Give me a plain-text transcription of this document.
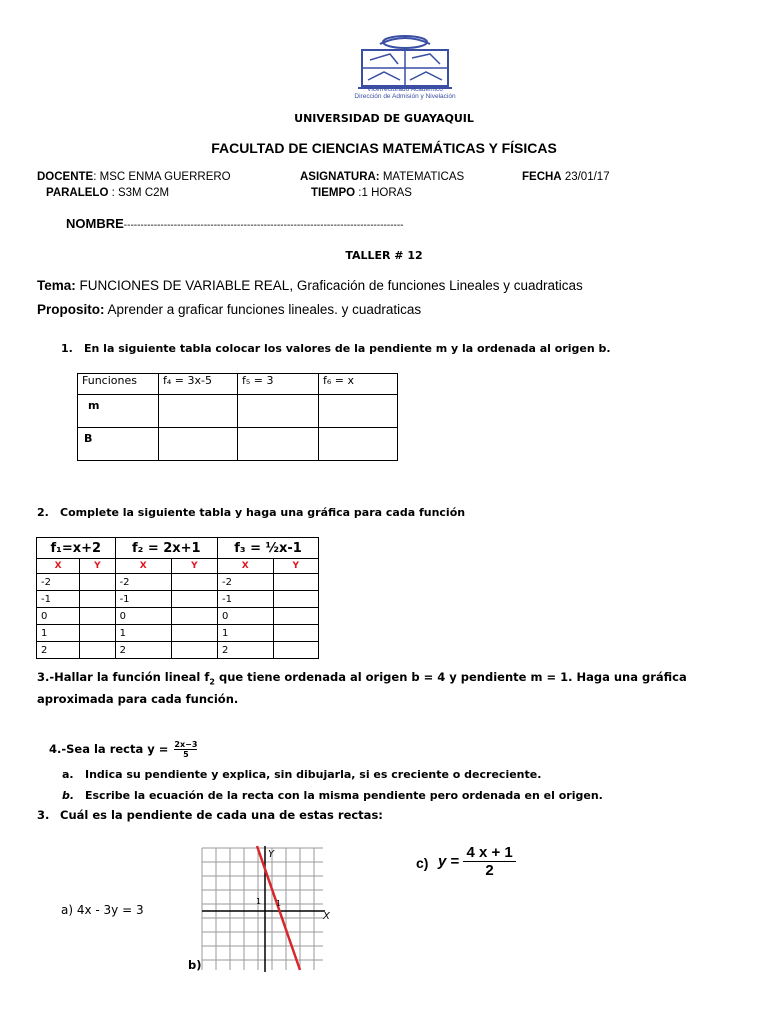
Vicerrectorado Académico
Dirección de Admisión y Nivelación
UNIVERSIDAD DE GUAYAQUIL
FACULTAD DE CIENCIAS MATEMÁTICAS Y FÍSICAS
DOCENTE: MSC ENMA GUERRERO	ASIGNATURA: MATEMATICAS	FECHA 23/01/17
PARALELO : S3M C2M	TIEMPO :1 HORAS
NOMBRE------------------------------------------------------------------------------------
TALLER # 12
Tema: FUNCIONES DE VARIABLE REAL, Graficación de funciones Lineales y cuadraticas
Proposito: Aprender a graficar funciones lineales. y cuadraticas
1. En la siguiente tabla colocar los valores de la pendiente m y la ordenada al origen b.
Funciones	f₄ = 3x-5	f₅ = 3	f₆ = x
m			
B			
2. Complete la siguiente tabla y haga una gráfica para cada función
f₁=x+2		f₂ = 2x+1		f₃ = ½x-1	
X	Y	X	Y	X	Y
-2		-2		-2	
-1		-1		-1	
0		0		0	
1		1		1	
2		2		2	
3.-Hallar la función lineal $f_2$ que tiene ordenada al origen b = 4 y pendiente m = 1. Haga una gráfica
aproximada para cada función.
4.-Sea la recta $y = \frac{2x-3}{5}$
a. Indica su pendiente y explica, sin dibujarla, si es creciente o decreciente.
b. Escribe la ecuación de la recta con la misma pendiente pero ordenada en el origen.
3. Cuál es la pendiente de cada una de estas rectas:
a) 4x - 3y = 3
Y
X
1 1
b)
c) $y = \frac{4 x + 1}{2}$
